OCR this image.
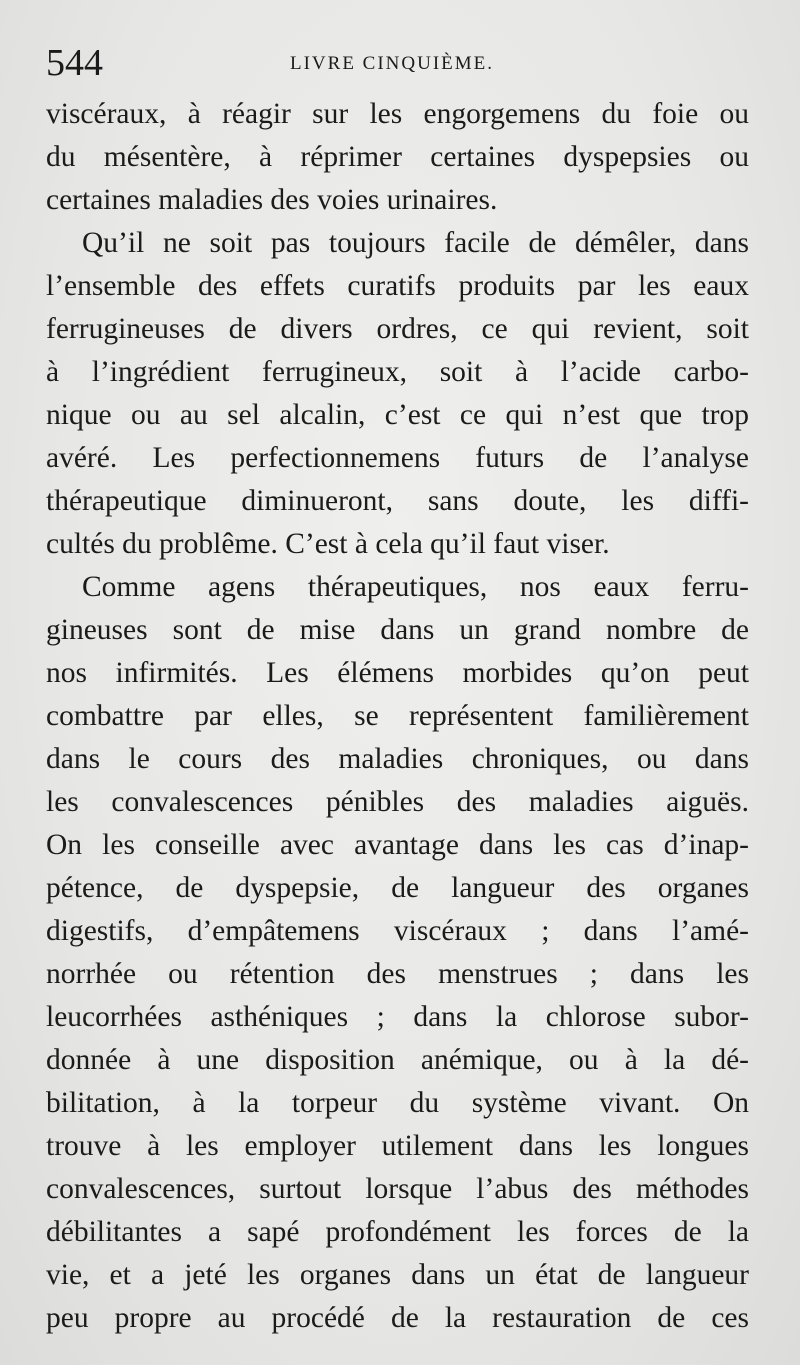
544	LIVRE CINQUIÈME.
viscéraux, à réagir sur les engorgemens du foie ou
du mésentère, à réprimer certaines dyspepsies ou
certaines maladies des voies urinaires.
Qu’il ne soit pas toujours facile de démêler, dans
l’ensemble des effets curatifs produits par les eaux
ferrugineuses de divers ordres, ce qui revient, soit
à l’ingrédient ferrugineux, soit à l’acide carbo-
nique ou au sel alcalin, c’est ce qui n’est que trop
avéré. Les perfectionnemens futurs de l’analyse
thérapeutique diminueront, sans doute, les diffi-
cultés du problême. C’est à cela qu’il faut viser.
Comme agens thérapeutiques, nos eaux ferru-
gineuses sont de mise dans un grand nombre de
nos infirmités. Les élémens morbides qu’on peut
combattre par elles, se représentent familièrement
dans le cours des maladies chroniques, ou dans
les convalescences pénibles des maladies aiguës.
On les conseille avec avantage dans les cas d’inap-
pétence, de dyspepsie, de langueur des organes
digestifs, d’empâtemens viscéraux ; dans l’amé-
norrhée ou rétention des menstrues ; dans les
leucorrhées asthéniques ; dans la chlorose subor-
donnée à une disposition anémique, ou à la dé-
bilitation, à la torpeur du système vivant. On
trouve à les employer utilement dans les longues
convalescences, surtout lorsque l’abus des méthodes
débilitantes a sapé profondément les forces de la
vie, et a jeté les organes dans un état de langueur
peu propre au procédé de la restauration de ces
